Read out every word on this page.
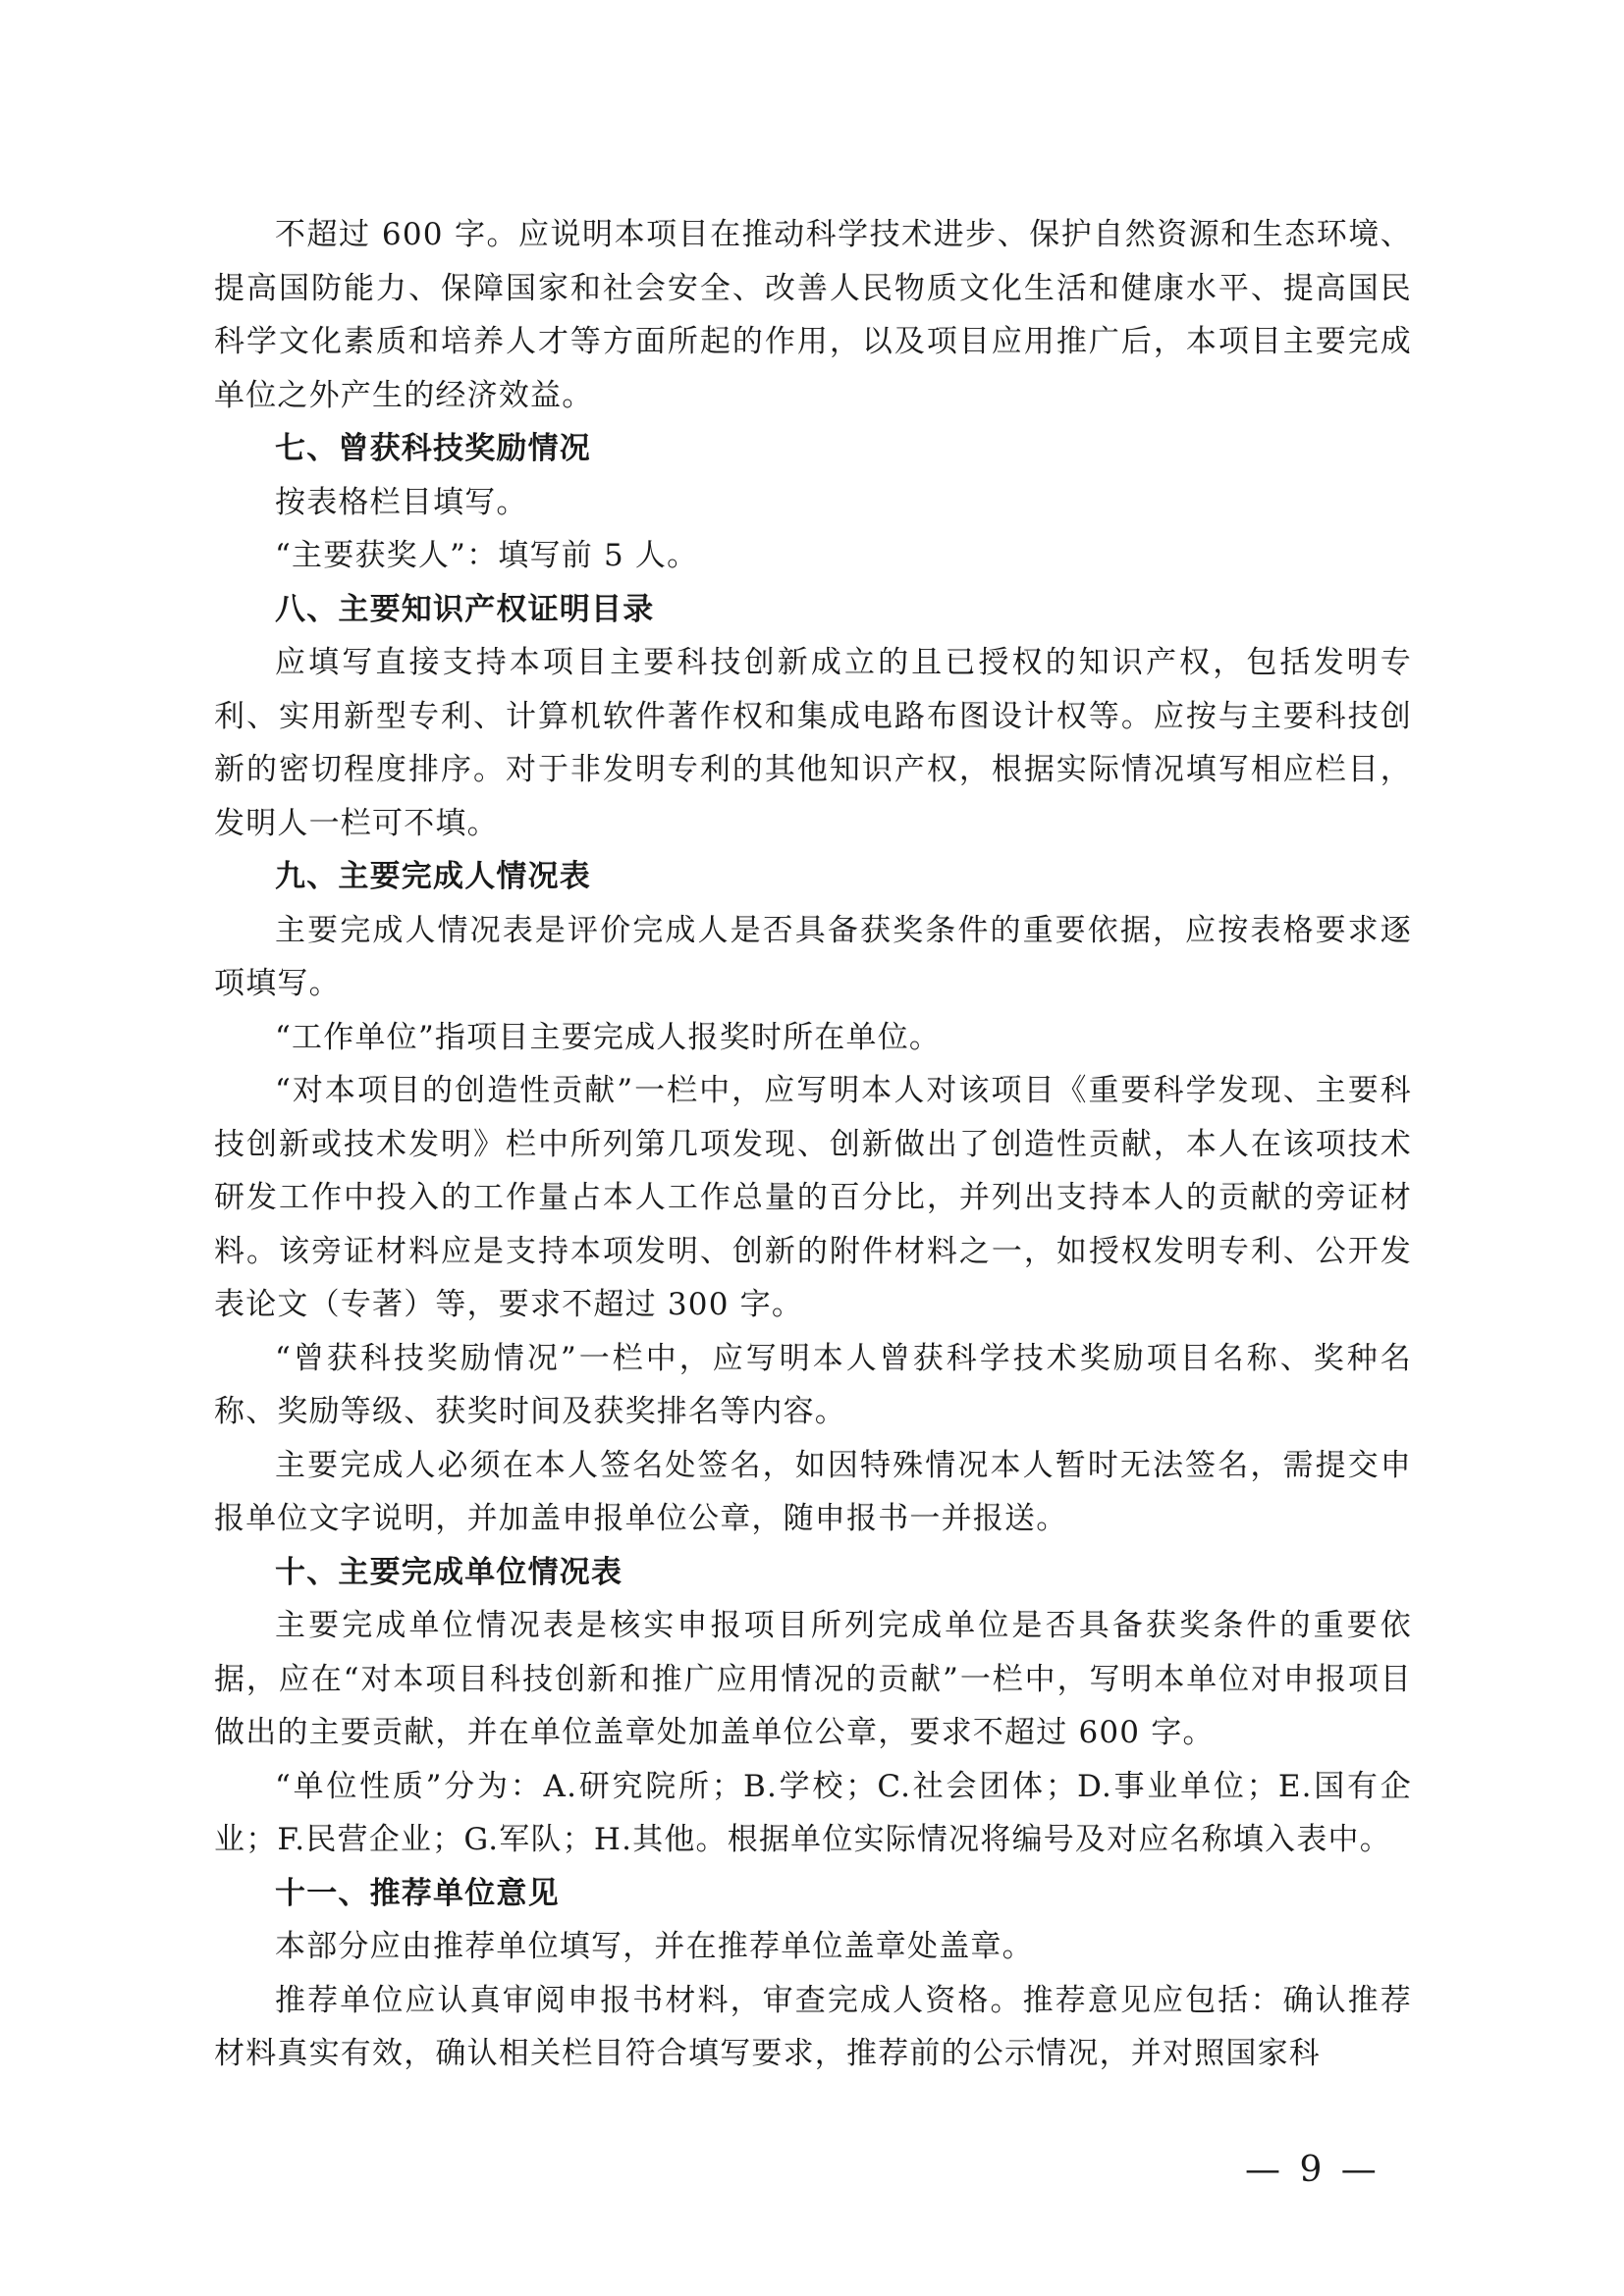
不超过 600 字。应说明本项目在推动科学技术进步、保护自然资源和生态环境、提高国防能力、保障国家和社会安全、改善人民物质文化生活和健康水平、提高国民科学文化素质和培养人才等方面所起的作用，以及项目应用推广后，本项目主要完成单位之外产生的经济效益。

七、曾获科技奖励情况

按表格栏目填写。

“主要获奖人”：填写前 5 人。

八、主要知识产权证明目录

应填写直接支持本项目主要科技创新成立的且已授权的知识产权，包括发明专利、实用新型专利、计算机软件著作权和集成电路布图设计权等。应按与主要科技创新的密切程度排序。对于非发明专利的其他知识产权，根据实际情况填写相应栏目，发明人一栏可不填。

九、主要完成人情况表

主要完成人情况表是评价完成人是否具备获奖条件的重要依据，应按表格要求逐项填写。

“工作单位”指项目主要完成人报奖时所在单位。

“对本项目的创造性贡献”一栏中，应写明本人对该项目《重要科学发现、主要科技创新或技术发明》栏中所列第几项发现、创新做出了创造性贡献，本人在该项技术研发工作中投入的工作量占本人工作总量的百分比，并列出支持本人的贡献的旁证材料。该旁证材料应是支持本项发明、创新的附件材料之一，如授权发明专利、公开发表论文（专著）等，要求不超过 300 字。

“曾获科技奖励情况”一栏中，应写明本人曾获科学技术奖励项目名称、奖种名称、奖励等级、获奖时间及获奖排名等内容。

主要完成人必须在本人签名处签名，如因特殊情况本人暂时无法签名，需提交申报单位文字说明，并加盖申报单位公章，随申报书一并报送。

十、主要完成单位情况表

主要完成单位情况表是核实申报项目所列完成单位是否具备获奖条件的重要依据，应在“对本项目科技创新和推广应用情况的贡献”一栏中，写明本单位对申报项目做出的主要贡献，并在单位盖章处加盖单位公章，要求不超过 600 字。

“单位性质”分为：A.研究院所；B.学校；C.社会团体；D.事业单位；E.国有企业；F.民营企业；G.军队；H.其他。根据单位实际情况将编号及对应名称填入表中。

十一、推荐单位意见

本部分应由推荐单位填写，并在推荐单位盖章处盖章。

推荐单位应认真审阅申报书材料，审查完成人资格。推荐意见应包括：确认推荐材料真实有效，确认相关栏目符合填写要求，推荐前的公示情况，并对照国家科

— 9 —
